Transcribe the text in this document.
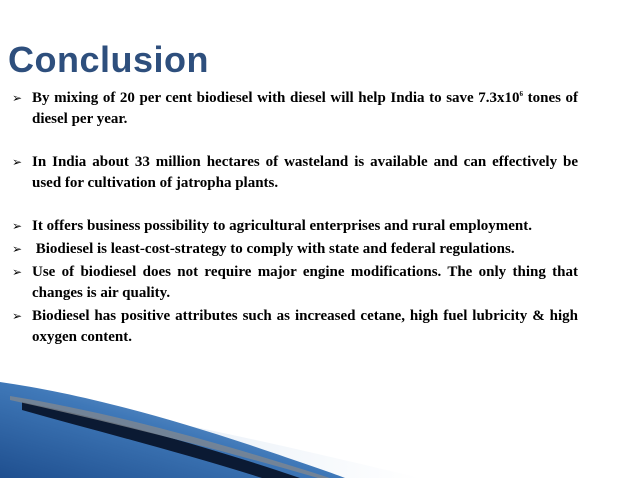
Conclusion
➢ By mixing of 20 per cent biodiesel with diesel will help India to save $7.3x10^6$ tones of diesel per year.
➢ In India about 33 million hectares of wasteland is available and can effectively be used for cultivation of jatropha plants.
➢ It offers business possibility to agricultural enterprises and rural employment.
➢ Biodiesel is least-cost-strategy to comply with state and federal regulations.
➢ Use of biodiesel does not require major engine modifications. The only thing that changes is air quality.
➢ Biodiesel has positive attributes such as increased cetane, high fuel lubricity & high oxygen content.
